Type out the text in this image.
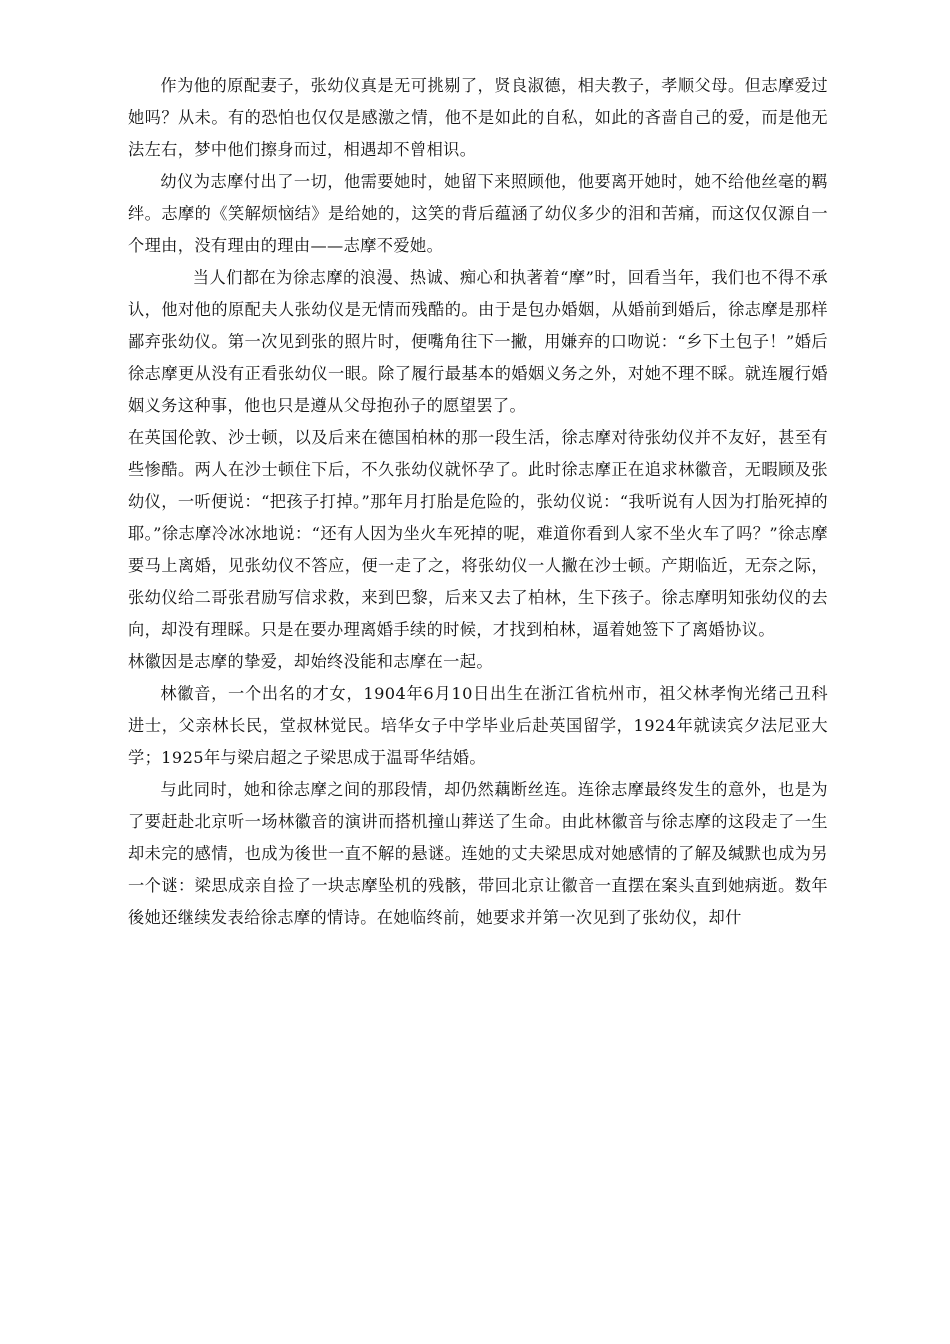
作为他的原配妻子，张幼仪真是无可挑剔了，贤良淑德，相夫教子，孝顺父母。但志摩爱过她吗？从未。有的恐怕也仅仅是感激之情，他不是如此的自私，如此的吝啬自己的爱，而是他无法左右，梦中他们擦身而过，相遇却不曾相识。

幼仪为志摩付出了一切，他需要她时，她留下来照顾他，他要离开她时，她不给他丝毫的羁绊。志摩的《笑解烦恼结》是给她的，这笑的背后蕴涵了幼仪多少的泪和苦痛，而这仅仅源自一个理由，没有理由的理由——志摩不爱她。

当人们都在为徐志摩的浪漫、热诚、痴心和执著着“摩”时，回看当年，我们也不得不承认，他对他的原配夫人张幼仪是无情而残酷的。由于是包办婚姻，从婚前到婚后，徐志摩是那样鄙弃张幼仪。第一次见到张的照片时，便嘴角往下一撇，用嫌弃的口吻说：“乡下土包子！”婚后徐志摩更从没有正看张幼仪一眼。除了履行最基本的婚姻义务之外，对她不理不睬。就连履行婚姻义务这种事，他也只是遵从父母抱孙子的愿望罢了。

在英国伦敦、沙士顿，以及后来在德国柏林的那一段生活，徐志摩对待张幼仪并不友好，甚至有些惨酷。两人在沙士顿住下后，不久张幼仪就怀孕了。此时徐志摩正在追求林徽音，无暇顾及张幼仪，一听便说：“把孩子打掉。”那年月打胎是危险的，张幼仪说：“我听说有人因为打胎死掉的耶。”徐志摩冷冰冰地说：“还有人因为坐火车死掉的呢，难道你看到人家不坐火车了吗？”徐志摩要马上离婚，见张幼仪不答应，便一走了之，将张幼仪一人撇在沙士顿。产期临近，无奈之际，张幼仪给二哥张君励写信求救，来到巴黎，后来又去了柏林，生下孩子。徐志摩明知张幼仪的去向，却没有理睬。只是在要办理离婚手续的时候，才找到柏林，逼着她签下了离婚协议。

林徽因是志摩的挚爱，却始终没能和志摩在一起。

林徽音，一个出名的才女，1904年6月10日出生在浙江省杭州市，祖父林孝恂光绪己丑科进士，父亲林长民，堂叔林觉民。培华女子中学毕业后赴英国留学，1924年就读宾夕法尼亚大学；1925年与梁启超之子梁思成于温哥华结婚。

与此同时，她和徐志摩之间的那段情，却仍然藕断丝连。连徐志摩最终发生的意外，也是为了要赶赴北京听一场林徽音的演讲而搭机撞山葬送了生命。由此林徽音与徐志摩的这段走了一生却未完的感情，也成为後世一直不解的悬谜。连她的丈夫梁思成对她感情的了解及缄默也成为另一个谜：梁思成亲自捡了一块志摩坠机的残骸，带回北京让徽音一直摆在案头直到她病逝。数年後她还继续发表给徐志摩的情诗。在她临终前，她要求并第一次见到了张幼仪，却什
